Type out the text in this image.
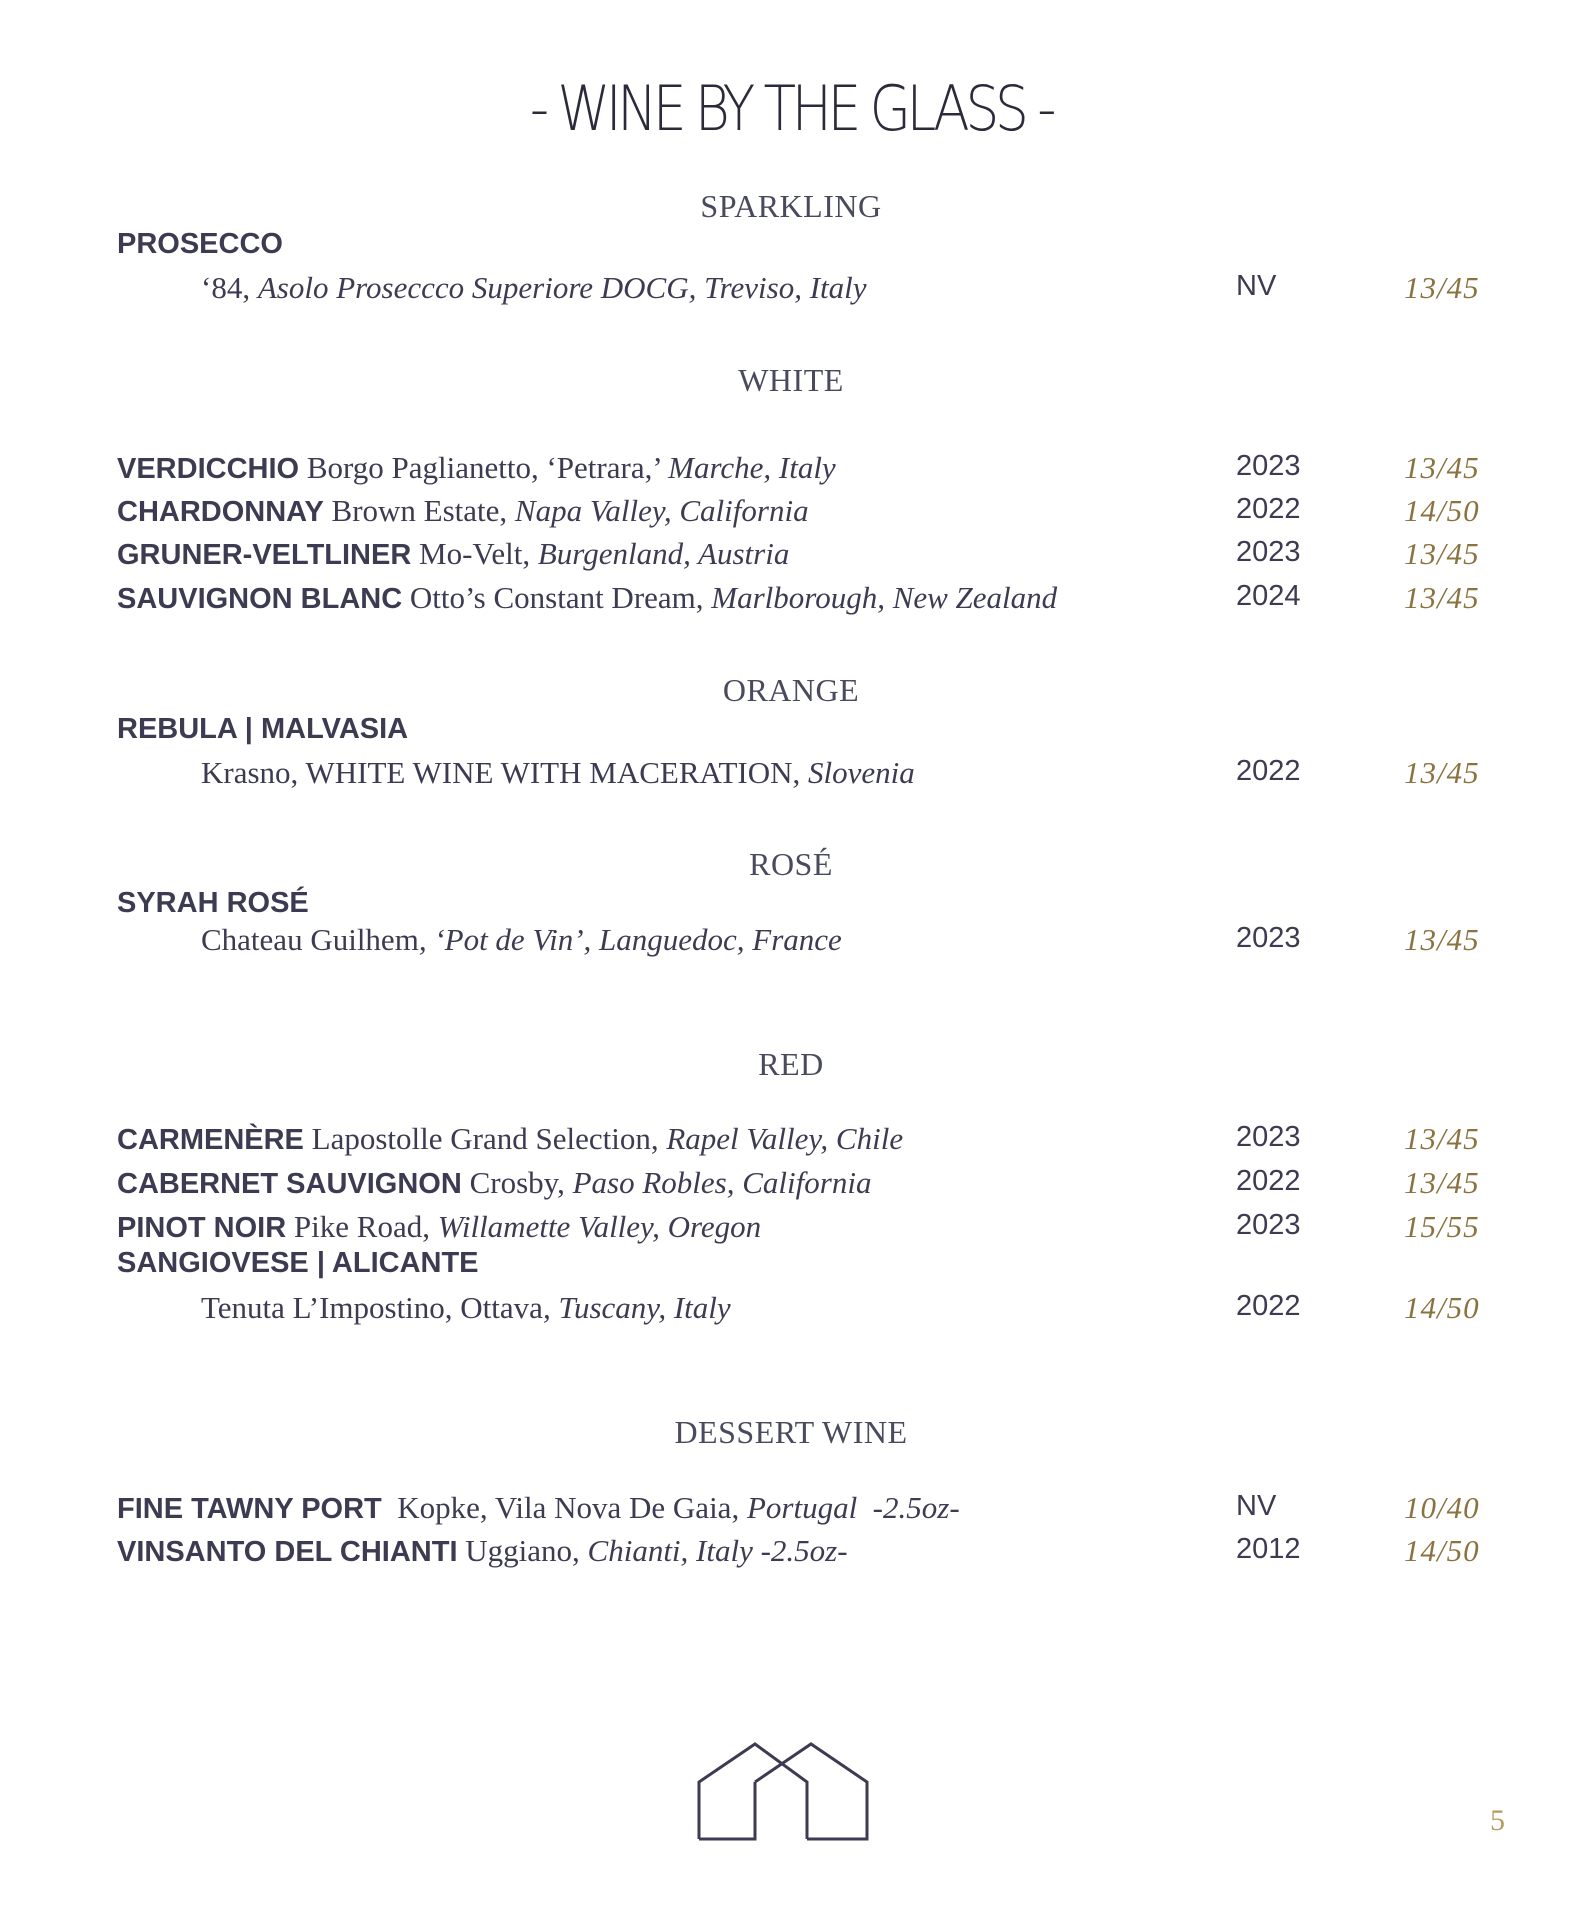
- WINE BY THE GLASS -
SPARKLING
PROSECCO
‘84, Asolo Proseccco Superiore DOCG, Treviso, Italy	NV	13/45
WHITE
VERDICCHIO Borgo Paglianetto, ‘Petrara,’ Marche, Italy	2023	13/45
CHARDONNAY Brown Estate, Napa Valley, California	2022	14/50
GRUNER-VELTLINER Mo-Velt, Burgenland, Austria	2023	13/45
SAUVIGNON BLANC Otto’s Constant Dream, Marlborough, New Zealand	2024	13/45
ORANGE
REBULA | MALVASIA
Krasno, WHITE WINE WITH MACERATION, Slovenia	2022	13/45
ROSÉ
SYRAH ROSÉ
Chateau Guilhem, ‘Pot de Vin’, Languedoc, France	2023	13/45
RED
CARMENÈRE Lapostolle Grand Selection, Rapel Valley, Chile	2023	13/45
CABERNET SAUVIGNON Crosby, Paso Robles, California	2022	13/45
PINOT NOIR Pike Road, Willamette Valley, Oregon	2023	15/55
SANGIOVESE | ALICANTE
Tenuta L’Impostino, Ottava, Tuscany, Italy	2022	14/50
DESSERT WINE
FINE TAWNY PORT  Kopke, Vila Nova De Gaia, Portugal  -2.5oz-	NV	10/40
VINSANTO DEL CHIANTI Uggiano, Chianti, Italy -2.5oz-	2012	14/50
5
